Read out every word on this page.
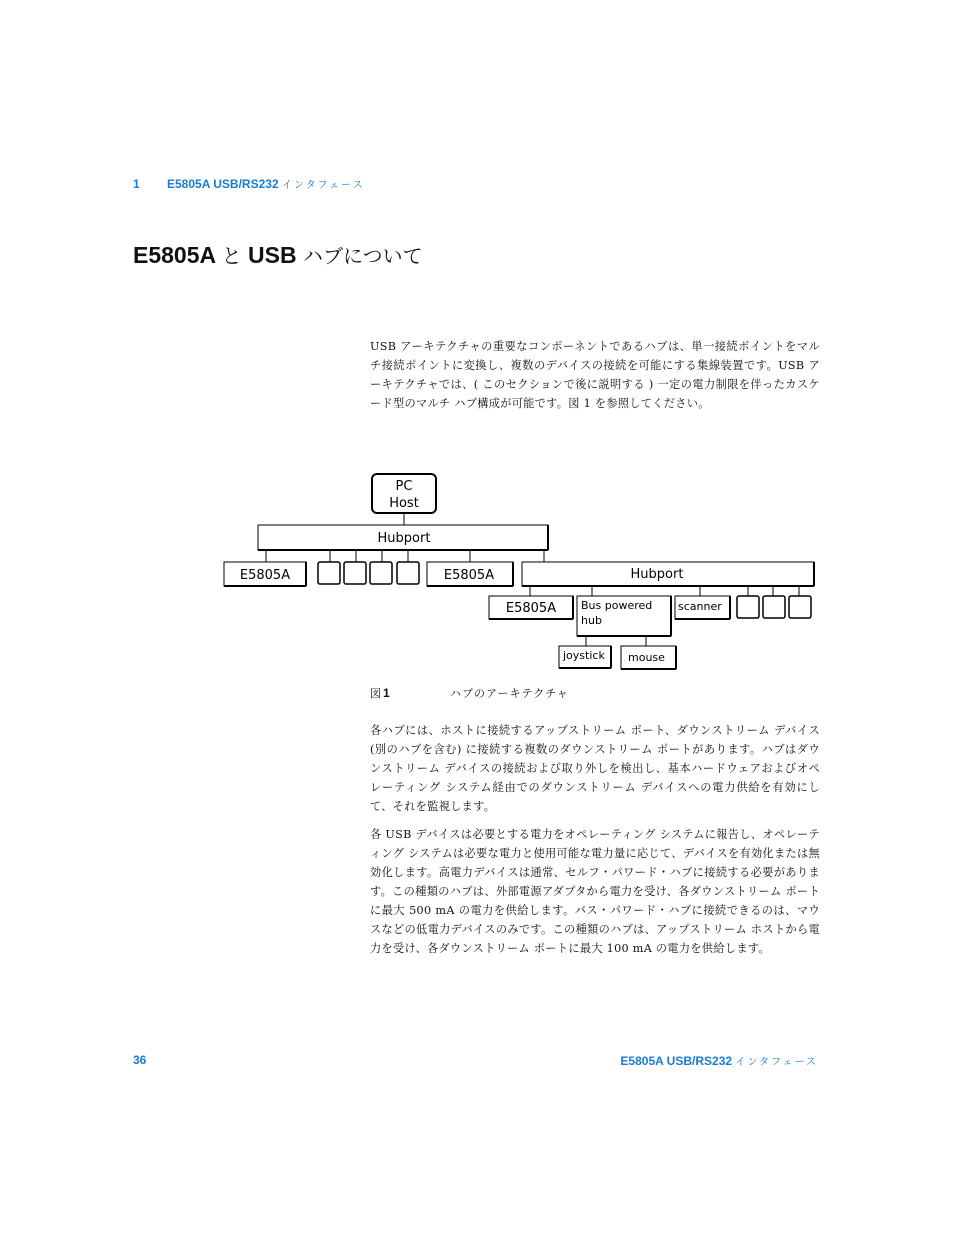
1 E5805A USB/RS232 インタフェース
E5805A と USB ハブについて
USB アーキテクチャの重要なコンポーネントであるハブは、単一接続ポイントをマルチ接続ポイントに変換し、複数のデバイスの接続を可能にする集線装置です。USB アーキテクチャでは、( このセクションで後に説明する ) 一定の電力制限を伴ったカスケード型のマルチ ハブ構成が可能です。図 1 を参照してください。
PC
Host
Hubport
E5805A	E5805A	Hubport
E5805A Bus powered
hub
scanner
joystick mouse
図 1	ハブのアーキテクチャ
各ハブには、ホストに接続するアップストリーム ポート、ダウンストリーム デバイス (別のハブを含む) に接続する複数のダウンストリーム ポートがあります。ハブはダウンストリーム デバイスの接続および取り外しを検出し、基本ハードウェアおよびオペレーティング システム経由でのダウンストリーム デバイスへの電力供給を有効にして、それを監視します。
各 USB デバイスは必要とする電力をオペレーティング システムに報告し、オペレーティング システムは必要な電力と使用可能な電力量に応じて、デバイスを有効化または無効化します。高電力デバイスは通常、セルフ・パワード・ハブに接続する必要があります。この種類のハブは、外部電源アダプタから電力を受け、各ダウンストリーム ポートに最大 500 mA の電力を供給します。バス・パワード・ハブに接続できるのは、マウスなどの低電力デバイスのみです。この種類のハブは、アップストリーム ホストから電力を受け、各ダウンストリーム ポートに最大 100 mA の電力を供給します。
36	E5805A USB/RS232 インタフェース
